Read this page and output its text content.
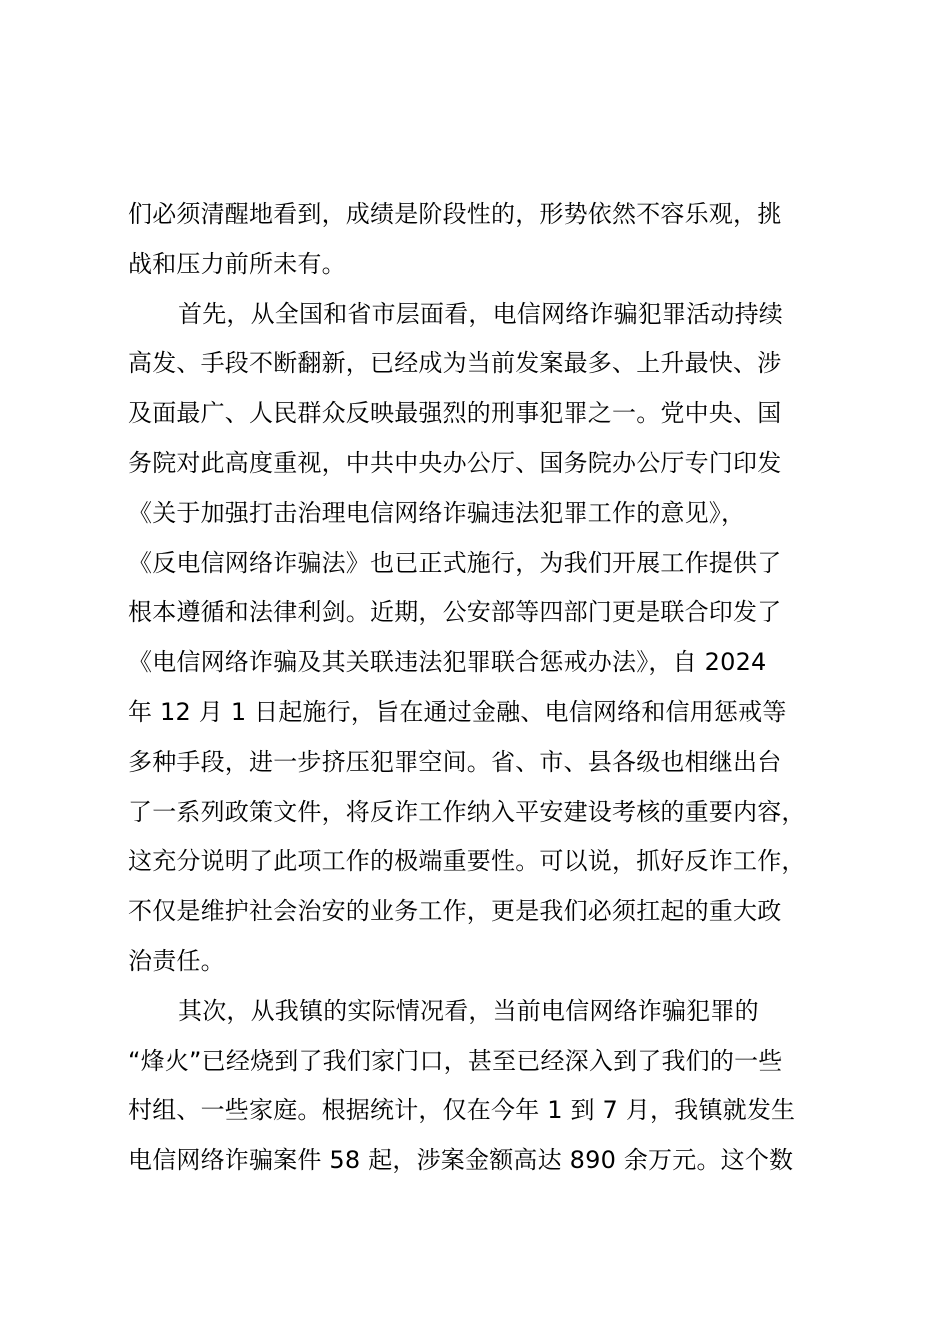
们必须清醒地看到，成绩是阶段性的，形势依然不容乐观，挑
战和压力前所未有。
首先，从全国和省市层面看，电信网络诈骗犯罪活动持续
高发、手段不断翻新，已经成为当前发案最多、上升最快、涉
及面最广、人民群众反映最强烈的刑事犯罪之一。党中央、国
务院对此高度重视，中共中央办公厅、国务院办公厅专门印发
《关于加强打击治理电信网络诈骗违法犯罪工作的意见》，
《反电信网络诈骗法》也已正式施行，为我们开展工作提供了
根本遵循和法律利剑。近期，公安部等四部门更是联合印发了
《电信网络诈骗及其关联违法犯罪联合惩戒办法》，自 2024
年 12 月 1 日起施行，旨在通过金融、电信网络和信用惩戒等
多种手段，进一步挤压犯罪空间。省、市、县各级也相继出台
了一系列政策文件，将反诈工作纳入平安建设考核的重要内容，
这充分说明了此项工作的极端重要性。可以说，抓好反诈工作，
不仅是维护社会治安的业务工作，更是我们必须扛起的重大政
治责任。
其次，从我镇的实际情况看，当前电信网络诈骗犯罪的
“烽火”已经烧到了我们家门口，甚至已经深入到了我们的一些
村组、一些家庭。根据统计，仅在今年 1 到 7 月，我镇就发生
电信网络诈骗案件 58 起，涉案金额高达 890 余万元。这个数
